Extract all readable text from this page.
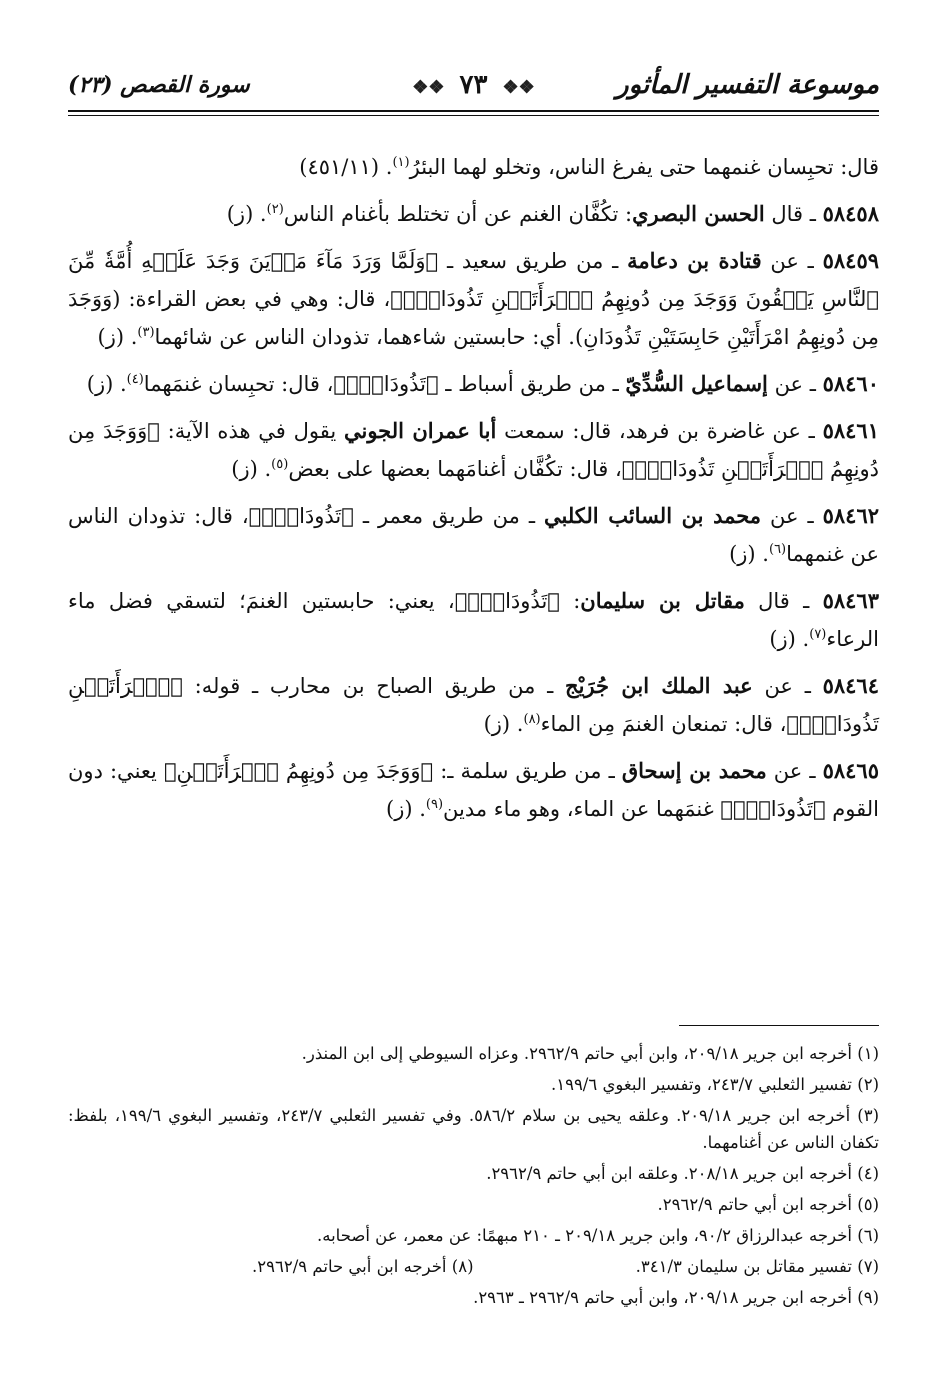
موسوعة التفسير المأثور
❖❖ ٧٣ ❖❖
سورة القصص (٢٣)

قال: تحبِسان غنمهما حتى يفرغ الناس، وتخلو لهما البئرُ$^{(١)}$. (٤٥١/١١)

٥٨٤٥٨ ـ قال الحسن البصري: تكُفَّان الغنم عن أن تختلط بأغنام الناس$^{(٢)}$. (ز)

٥٨٤٥٩ ـ عن قتادة بن دعامة ـ من طريق سعيد ـ ﴿وَلَمَّا وَرَدَ مَآءَ مَدۡيَنَ وَجَدَ عَلَيۡهِ أُمَّةٗ مِّنَ ٱلنَّاسِ يَسۡقُونَ وَوَجَدَ مِن دُونِهِمُ ٱمۡرَأَتَيۡنِ تَذُودَانِۖ﴾، قال: وهي في بعض القراءة: (وَوَجَدَ مِن دُونِهِمُ امْرَأَتَيْنِ حَابِسَتَيْنِ تَذُودَانِ). أي: حابستين شاءهما، تذودان الناس عن شائهما$^{(٣)}$. (ز)

٥٨٤٦٠ ـ عن إسماعيل السُّدِّيّ ـ من طريق أسباط ـ ﴿تَذُودَانِۖ﴾، قال: تحبِسان غنمَهما$^{(٤)}$. (ز)

٥٨٤٦١ ـ عن غاضرة بن فرهد، قال: سمعت أبا عمران الجوني يقول في هذه الآية: ﴿وَوَجَدَ مِن دُونِهِمُ ٱمۡرَأَتَيۡنِ تَذُودَانِۖ﴾، قال: تكُفَّان أغنامَهما بعضها على بعض$^{(٥)}$. (ز)

٥٨٤٦٢ ـ عن محمد بن السائب الكلبي ـ من طريق معمر ـ ﴿تَذُودَانِۖ﴾، قال: تذودان الناس عن غنمهما$^{(٦)}$. (ز)

٥٨٤٦٣ ـ قال مقاتل بن سليمان: ﴿تَذُودَانِۖ﴾، يعني: حابستين الغنمَ؛ لتسقي فضل ماء الرعاء$^{(٧)}$. (ز)

٥٨٤٦٤ ـ عن عبد الملك ابن جُرَيْج ـ من طريق الصباح بن محارب ـ قوله: ﴿ٱمۡرَأَتَيۡنِ تَذُودَانِۖ﴾، قال: تمنعان الغنمَ مِن الماء$^{(٨)}$. (ز)

٥٨٤٦٥ ـ عن محمد بن إسحاق ـ من طريق سلمة ـ: ﴿وَوَجَدَ مِن دُونِهِمُ ٱمۡرَأَتَيۡنِ﴾ يعني: دون القوم ﴿تَذُودَانِۖ﴾ غنمَهما عن الماء، وهو ماء مدين$^{(٩)}$. (ز)

(١) أخرجه ابن جرير ٢٠٩/١٨، وابن أبي حاتم ٢٩٦٢/٩. وعزاه السيوطي إلى ابن المنذر.
(٢) تفسير الثعلبي ٢٤٣/٧، وتفسير البغوي ١٩٩/٦.
(٣) أخرجه ابن جرير ٢٠٩/١٨. وعلقه يحيى بن سلام ٥٨٦/٢. وفي تفسير الثعلبي ٢٤٣/٧، وتفسير البغوي ١٩٩/٦، بلفظ: تكفان الناس عن أغنامهما.
(٤) أخرجه ابن جرير ٢٠٨/١٨. وعلقه ابن أبي حاتم ٢٩٦٢/٩.
(٥) أخرجه ابن أبي حاتم ٢٩٦٢/٩.
(٦) أخرجه عبدالرزاق ٩٠/٢، وابن جرير ٢٠٩/١٨ ـ ٢١٠ مبهمًا: عن معمر، عن أصحابه.
(٧) تفسير مقاتل بن سليمان ٣٤١/٣.
(٨) أخرجه ابن أبي حاتم ٢٩٦٢/٩.
(٩) أخرجه ابن جرير ٢٠٩/١٨، وابن أبي حاتم ٢٩٦٢/٩ ـ ٢٩٦٣.
